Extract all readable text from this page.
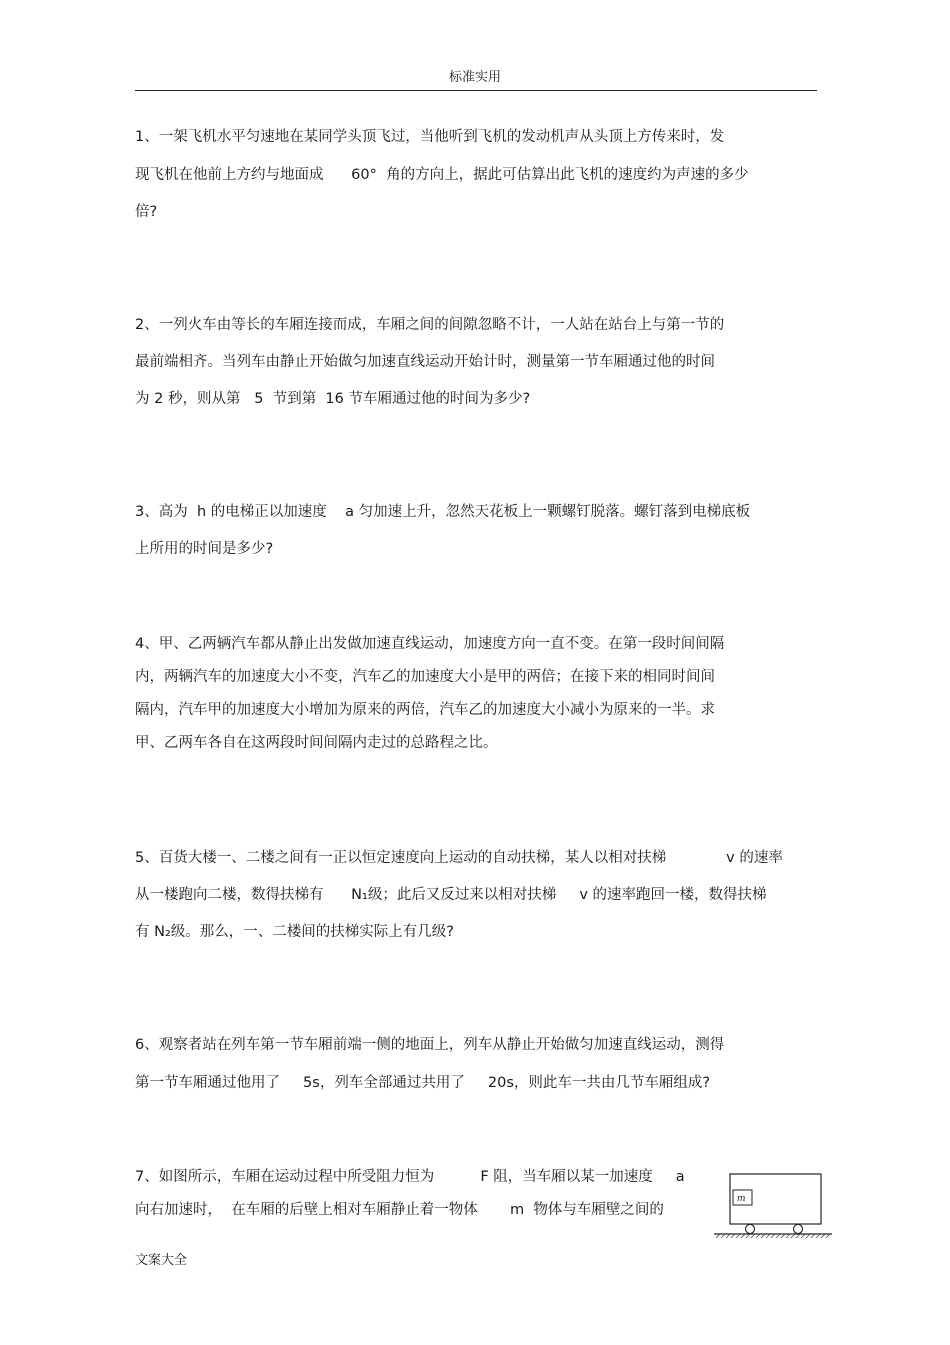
标准实用
1、一架飞机水平匀速地在某同学头顶飞过，当他听到飞机的发动机声从头顶上方传来时，发
现飞机在他前上方约与地面成      60°  角的方向上，据此可估算出此飞机的速度约为声速的多少
倍?
2、一列火车由等长的车厢连接而成，车厢之间的间隙忽略不计，一人站在站台上与第一节的
最前端相齐。当列车由静止开始做匀加速直线运动开始计时，测量第一节车厢通过他的时间
为 2 秒，则从第   5  节到第  16 节车厢通过他的时间为多少?
3、高为  h 的电梯正以加速度    a 匀加速上升，忽然天花板上一颗螺钉脱落。螺钉落到电梯底板
上所用的时间是多少?
4、甲、乙两辆汽车都从静止出发做加速直线运动，加速度方向一直不变。在第一段时间间隔
内，两辆汽车的加速度大小不变，汽车乙的加速度大小是甲的两倍；在接下来的相同时间间
隔内，汽车甲的加速度大小增加为原来的两倍，汽车乙的加速度大小减小为原来的一半。求
甲、乙两车各自在这两段时间间隔内走过的总路程之比。
5、百货大楼一、二楼之间有一正以恒定速度向上运动的自动扶梯，某人以相对扶梯             v 的速率
从一楼跑向二楼，数得扶梯有      N₁级；此后又反过来以相对扶梯     v 的速率跑回一楼，数得扶梯
有 N₂级。那么，一、二楼间的扶梯实际上有几级?
6、观察者站在列车第一节车厢前端一侧的地面上，列车从静止开始做匀加速直线运动，测得
第一节车厢通过他用了     5s，列车全部通过共用了     20s，则此车一共由几节车厢组成?
7、如图所示，车厢在运动过程中所受阻力恒为          F 阻，当车厢以某一加速度     a
向右加速时，  在车厢的后壁上相对车厢静止着一物体       m  物体与车厢壁之间的
m
文案大全
